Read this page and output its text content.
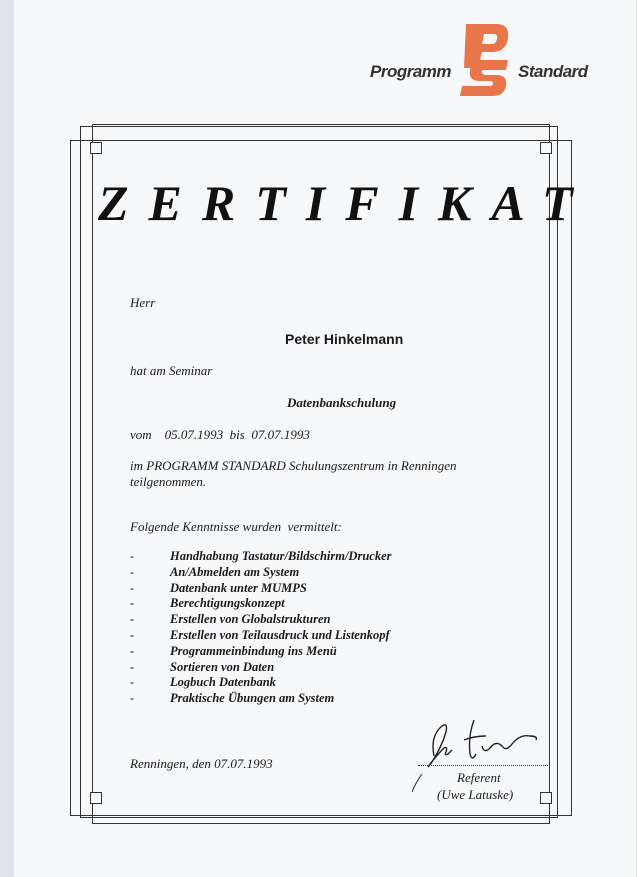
Programm	Standard
ZERTIFIKAT
Herr
Peter Hinkelmann
hat am Seminar
Datenbankschulung
vom    05.07.1993  bis  07.07.1993
im PROGRAMM STANDARD Schulungszentrum in Renningen
teilgenommen.
Folgende Kenntnisse wurden  vermittelt:
-	Handhabung Tastatur/Bildschirm/Drucker
-	An/Abmelden am System
-	Datenbank unter MUMPS
-	Berechtigungskonzept
-	Erstellen von Globalstrukturen
-	Erstellen von Teilausdruck und Listenkopf
-	Programmeinbindung ins Menü
-	Sortieren von Daten
-	Logbuch Datenbank
-	Praktische Übungen am System
Renningen, den 07.07.1993
Referent
(Uwe Latuske)
